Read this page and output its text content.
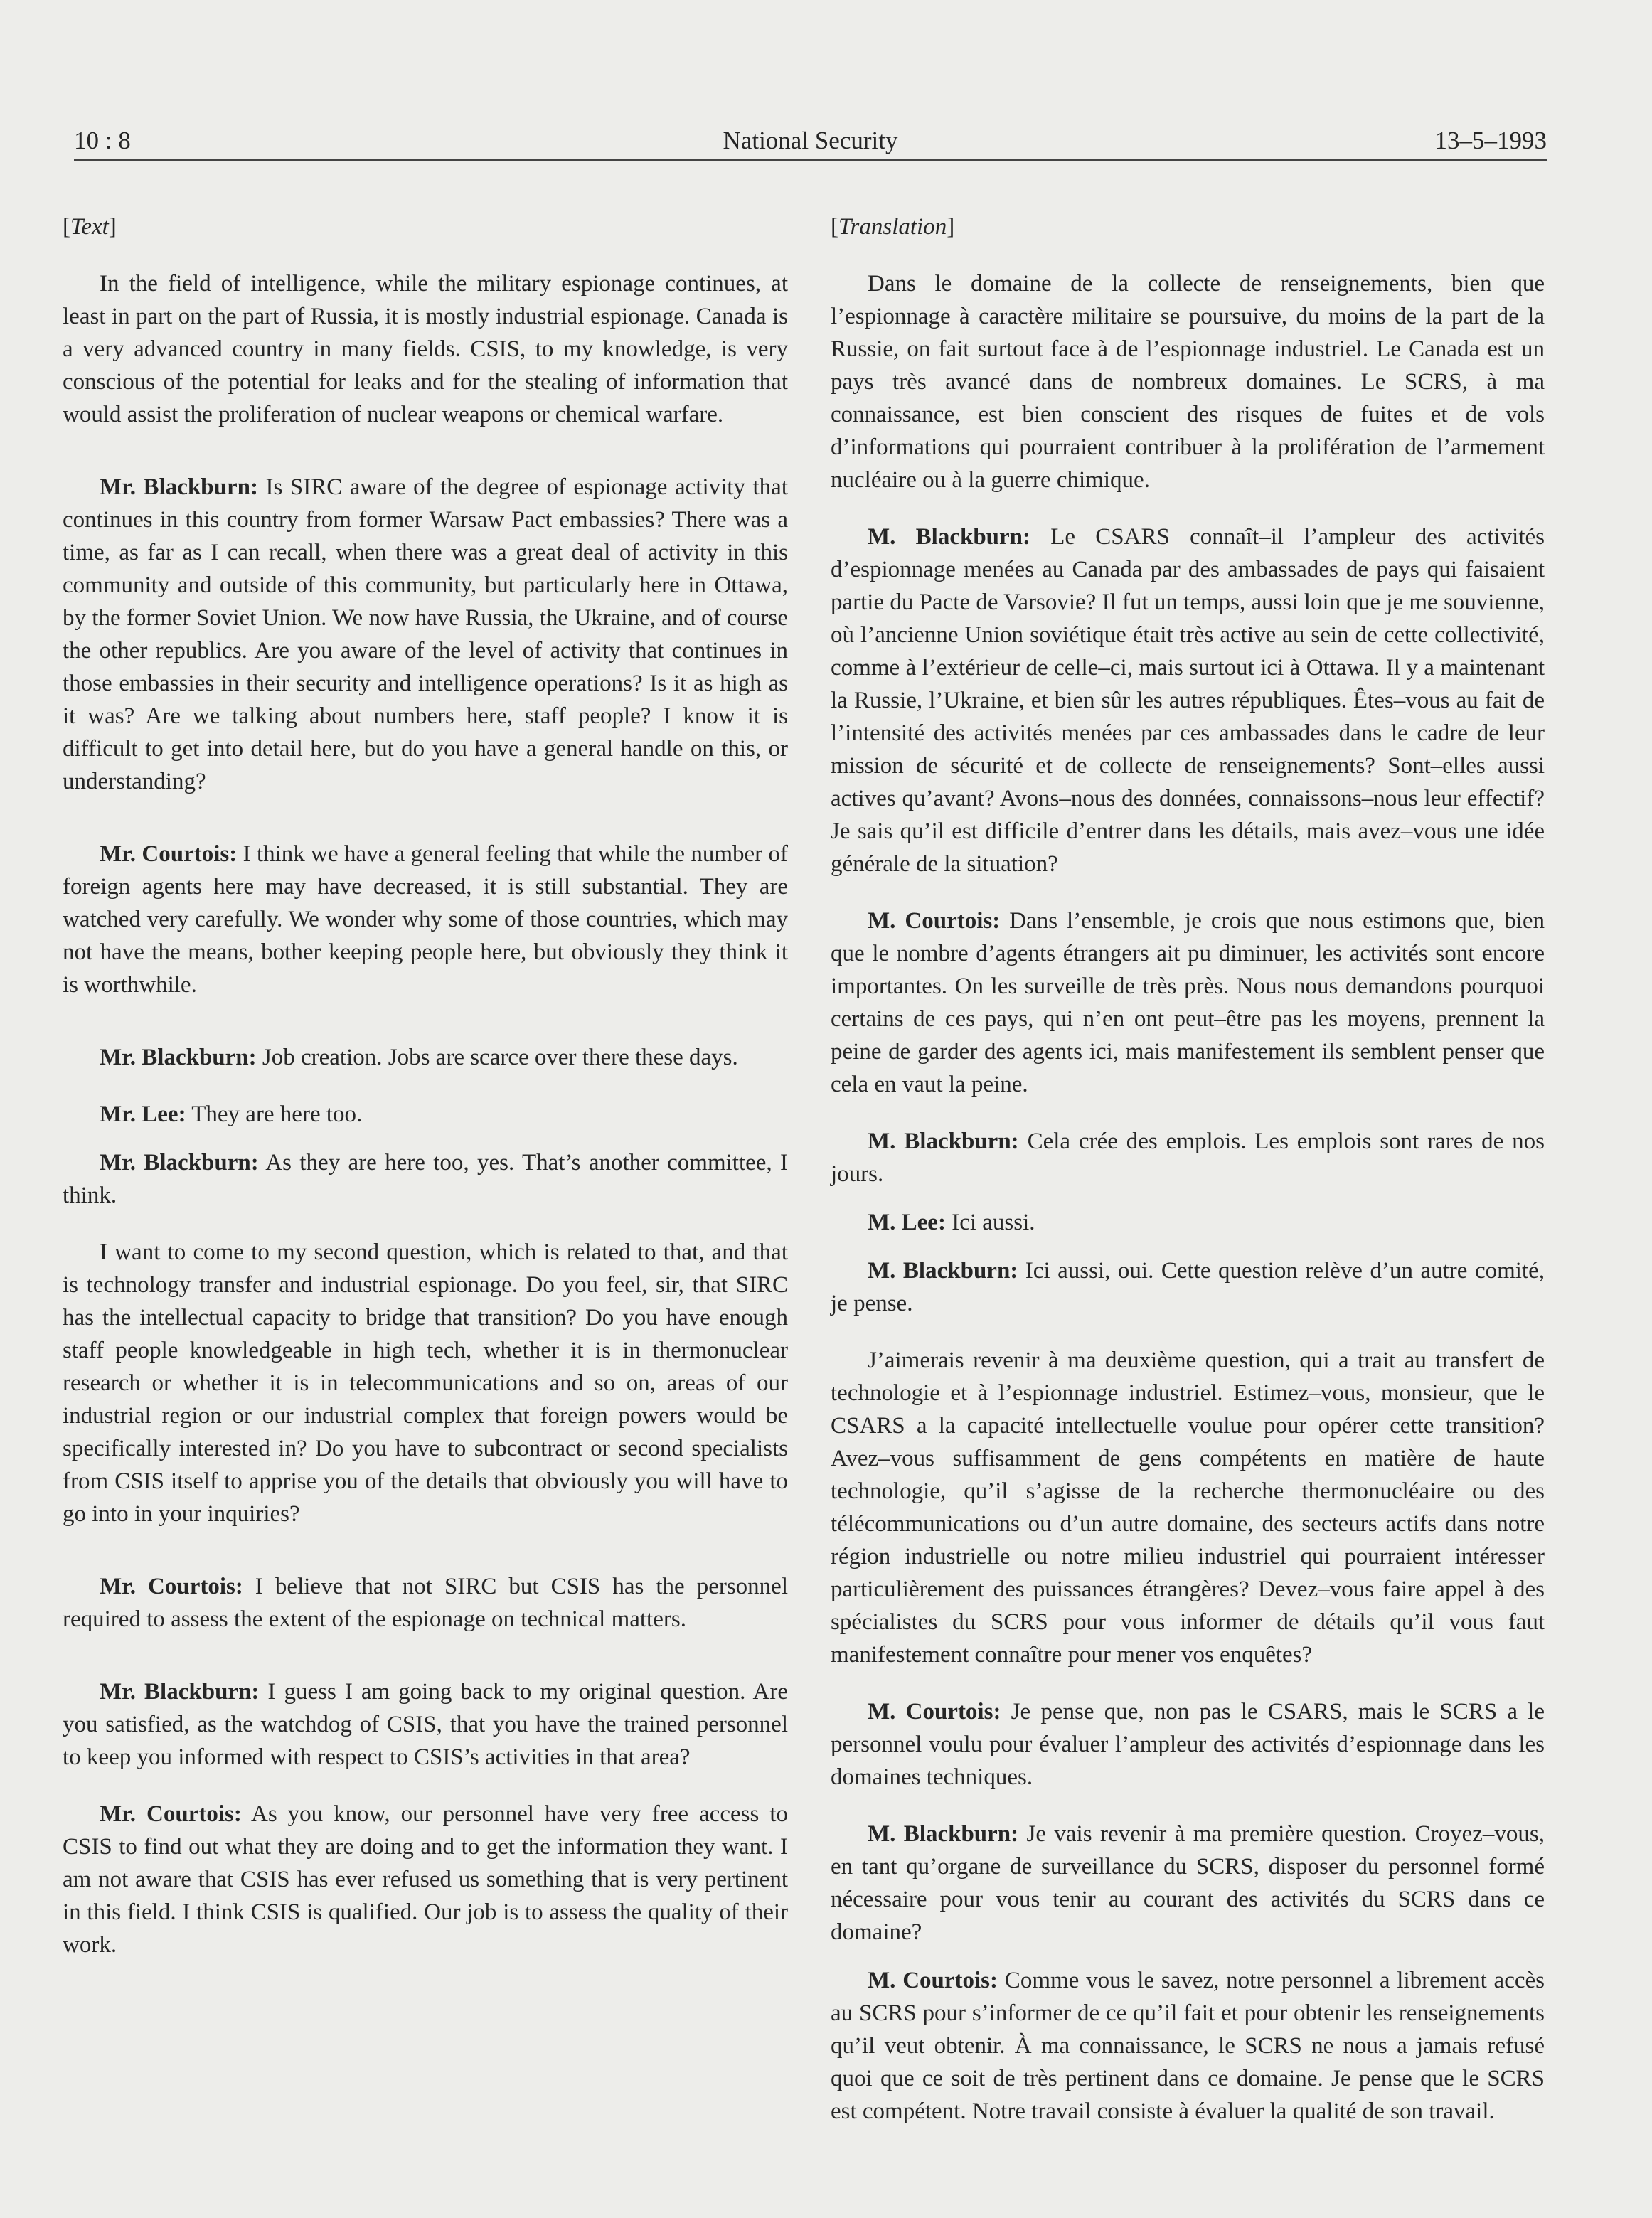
10 : 8	National Security	13–5–1993

[Text]

In the field of intelligence, while the military espionage continues, at least in part on the part of Russia, it is mostly industrial espionage. Canada is a very advanced country in many fields. CSIS, to my knowledge, is very conscious of the potential for leaks and for the stealing of information that would assist the proliferation of nuclear weapons or chemical warfare.

Mr. Blackburn: Is SIRC aware of the degree of espionage activity that continues in this country from former Warsaw Pact embassies? There was a time, as far as I can recall, when there was a great deal of activity in this community and outside of this community, but particularly here in Ottawa, by the former Soviet Union. We now have Russia, the Ukraine, and of course the other republics. Are you aware of the level of activity that continues in those embassies in their security and intelligence operations? Is it as high as it was? Are we talking about numbers here, staff people? I know it is difficult to get into detail here, but do you have a general handle on this, or understanding?

Mr. Courtois: I think we have a general feeling that while the number of foreign agents here may have decreased, it is still substantial. They are watched very carefully. We wonder why some of those countries, which may not have the means, bother keeping people here, but obviously they think it is worthwhile.

Mr. Blackburn: Job creation. Jobs are scarce over there these days.

Mr. Lee: They are here too.

Mr. Blackburn: As they are here too, yes. That’s another committee, I think.

I want to come to my second question, which is related to that, and that is technology transfer and industrial espionage. Do you feel, sir, that SIRC has the intellectual capacity to bridge that transition? Do you have enough staff people knowledgeable in high tech, whether it is in thermonuclear research or whether it is in telecommunications and so on, areas of our industrial region or our industrial complex that foreign powers would be specifically interested in? Do you have to subcontract or second specialists from CSIS itself to apprise you of the details that obviously you will have to go into in your inquiries?

Mr. Courtois: I believe that not SIRC but CSIS has the personnel required to assess the extent of the espionage on technical matters.

Mr. Blackburn: I guess I am going back to my original question. Are you satisfied, as the watchdog of CSIS, that you have the trained personnel to keep you informed with respect to CSIS’s activities in that area?

Mr. Courtois: As you know, our personnel have very free access to CSIS to find out what they are doing and to get the information they want. I am not aware that CSIS has ever refused us something that is very pertinent in this field. I think CSIS is qualified. Our job is to assess the quality of their work.

[Translation]

Dans le domaine de la collecte de renseignements, bien que l’espionnage à caractère militaire se poursuive, du moins de la part de la Russie, on fait surtout face à de l’espionnage industriel. Le Canada est un pays très avancé dans de nombreux domaines. Le SCRS, à ma connaissance, est bien conscient des risques de fuites et de vols d’informations qui pourraient contribuer à la prolifération de l’armement nucléaire ou à la guerre chimique.

M. Blackburn: Le CSARS connaît–il l’ampleur des activités d’espionnage menées au Canada par des ambassades de pays qui faisaient partie du Pacte de Varsovie? Il fut un temps, aussi loin que je me souvienne, où l’ancienne Union soviétique était très active au sein de cette collectivité, comme à l’extérieur de celle–ci, mais surtout ici à Ottawa. Il y a maintenant la Russie, l’Ukraine, et bien sûr les autres républiques. Êtes–vous au fait de l’intensité des activités menées par ces ambassades dans le cadre de leur mission de sécurité et de collecte de renseignements? Sont–elles aussi actives qu’avant? Avons–nous des données, connaissons–nous leur effectif? Je sais qu’il est difficile d’entrer dans les détails, mais avez–vous une idée générale de la situation?

M. Courtois: Dans l’ensemble, je crois que nous estimons que, bien que le nombre d’agents étrangers ait pu diminuer, les activités sont encore importantes. On les surveille de très près. Nous nous demandons pourquoi certains de ces pays, qui n’en ont peut–être pas les moyens, prennent la peine de garder des agents ici, mais manifestement ils semblent penser que cela en vaut la peine.

M. Blackburn: Cela crée des emplois. Les emplois sont rares de nos jours.

M. Lee: Ici aussi.

M. Blackburn: Ici aussi, oui. Cette question relève d’un autre comité, je pense.

J’aimerais revenir à ma deuxième question, qui a trait au transfert de technologie et à l’espionnage industriel. Estimez–vous, monsieur, que le CSARS a la capacité intellectuelle voulue pour opérer cette transition? Avez–vous suffisamment de gens compétents en matière de haute technologie, qu’il s’agisse de la recherche thermonucléaire ou des télécommunications ou d’un autre domaine, des secteurs actifs dans notre région industrielle ou notre milieu industriel qui pourraient intéresser particulièrement des puissances étrangères? Devez–vous faire appel à des spécialistes du SCRS pour vous informer de détails qu’il vous faut manifestement connaître pour mener vos enquêtes?

M. Courtois: Je pense que, non pas le CSARS, mais le SCRS a le personnel voulu pour évaluer l’ampleur des activités d’espionnage dans les domaines techniques.

M. Blackburn: Je vais revenir à ma première question. Croyez–vous, en tant qu’organe de surveillance du SCRS, disposer du personnel formé nécessaire pour vous tenir au courant des activités du SCRS dans ce domaine?

M. Courtois: Comme vous le savez, notre personnel a librement accès au SCRS pour s’informer de ce qu’il fait et pour obtenir les renseignements qu’il veut obtenir. À ma connaissance, le SCRS ne nous a jamais refusé quoi que ce soit de très pertinent dans ce domaine. Je pense que le SCRS est compétent. Notre travail consiste à évaluer la qualité de son travail.
